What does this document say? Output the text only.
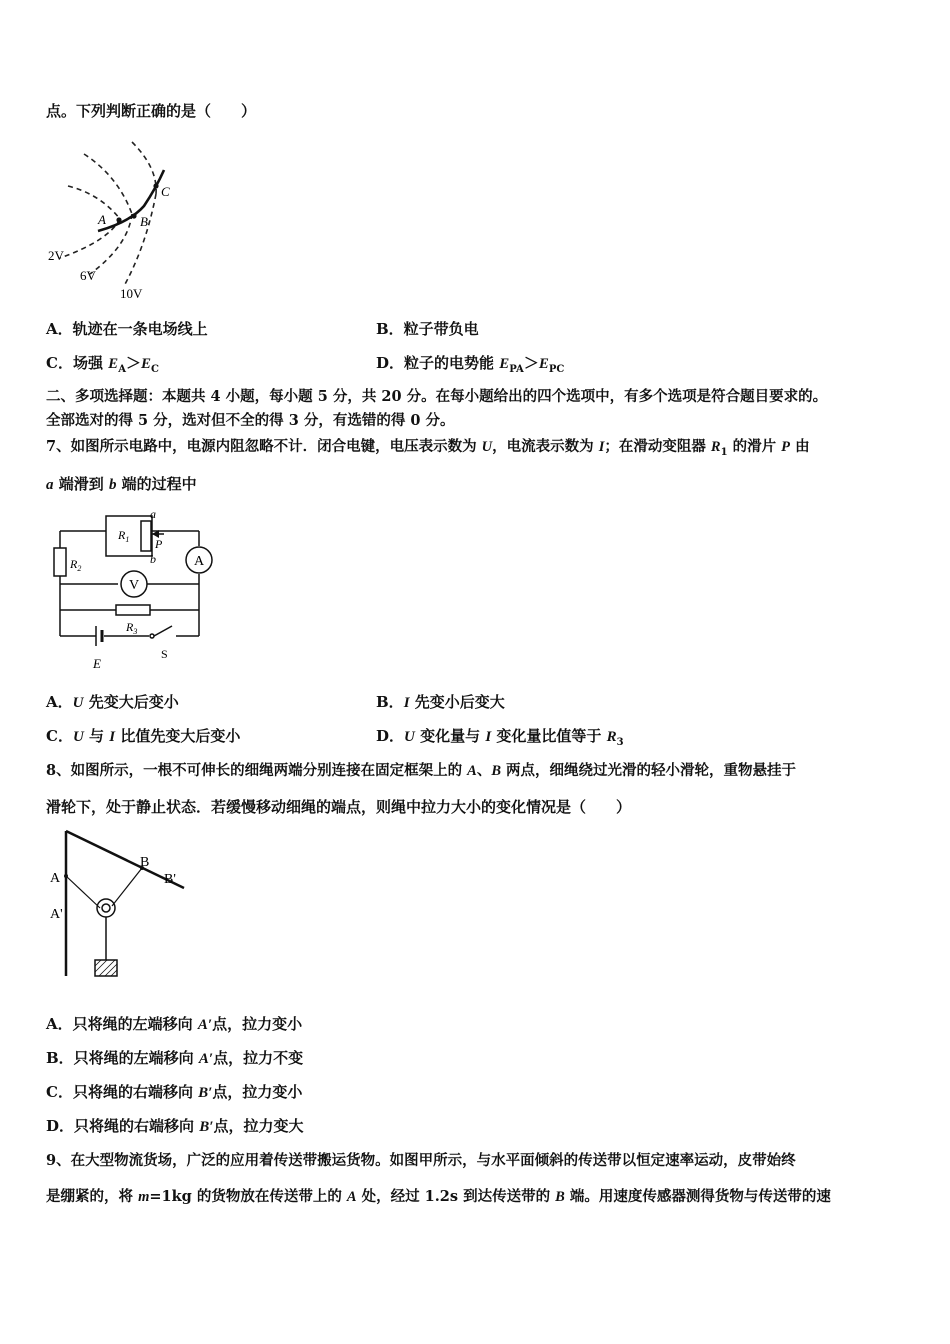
点。下列判断正确的是（　　）
A	B
C
2V
6V
10V
A．轨迹在一条电场线上	B．粒子带负电
C．场强 $E_A>E_C$	D．粒子的电势能 $E_{PA}>E_{PC}$
二、多项选择题：本题共 4 小题，每小题 5 分，共 20 分。在每小题给出的四个选项中，有多个选项是符合题目要求的。
全部选对的得 5 分，选对但不全的得 3 分，有选错的得 0 分。
7、如图所示电路中，电源内阻忽略不计．闭合电键，电压表示数为 U，电流表示数为 I；在滑动变阻器 $R_1$ 的滑片 P 由
a 端滑到 b 端的过程中
a
P
b
$R_1$
$R_2$
$R_3$
V
A
E
S
A．U 先变大后变小	B．I 先变小后变大
C．U 与 I 比值先变大后变小	D．U 变化量与 I 变化量比值等于 $R_3$
8、如图所示，一根不可伸长的细绳两端分别连接在固定框架上的 A、B 两点，细绳绕过光滑的轻小滑轮，重物悬挂于
滑轮下，处于静止状态．若缓慢移动细绳的端点，则绳中拉力大小的变化情况是（　　）
A
A'
B
B'
A．只将绳的左端移向 A′点，拉力变小
B．只将绳的左端移向 A′点，拉力不变
C．只将绳的右端移向 B′点，拉力变小
D．只将绳的右端移向 B′点，拉力变大
9、在大型物流货场，广泛的应用着传送带搬运货物。如图甲所示，与水平面倾斜的传送带以恒定速率运动，皮带始终
是绷紧的，将 m=1kg 的货物放在传送带上的 A 处，经过 1.2s 到达传送带的 B 端。用速度传感器测得货物与传送带的速
